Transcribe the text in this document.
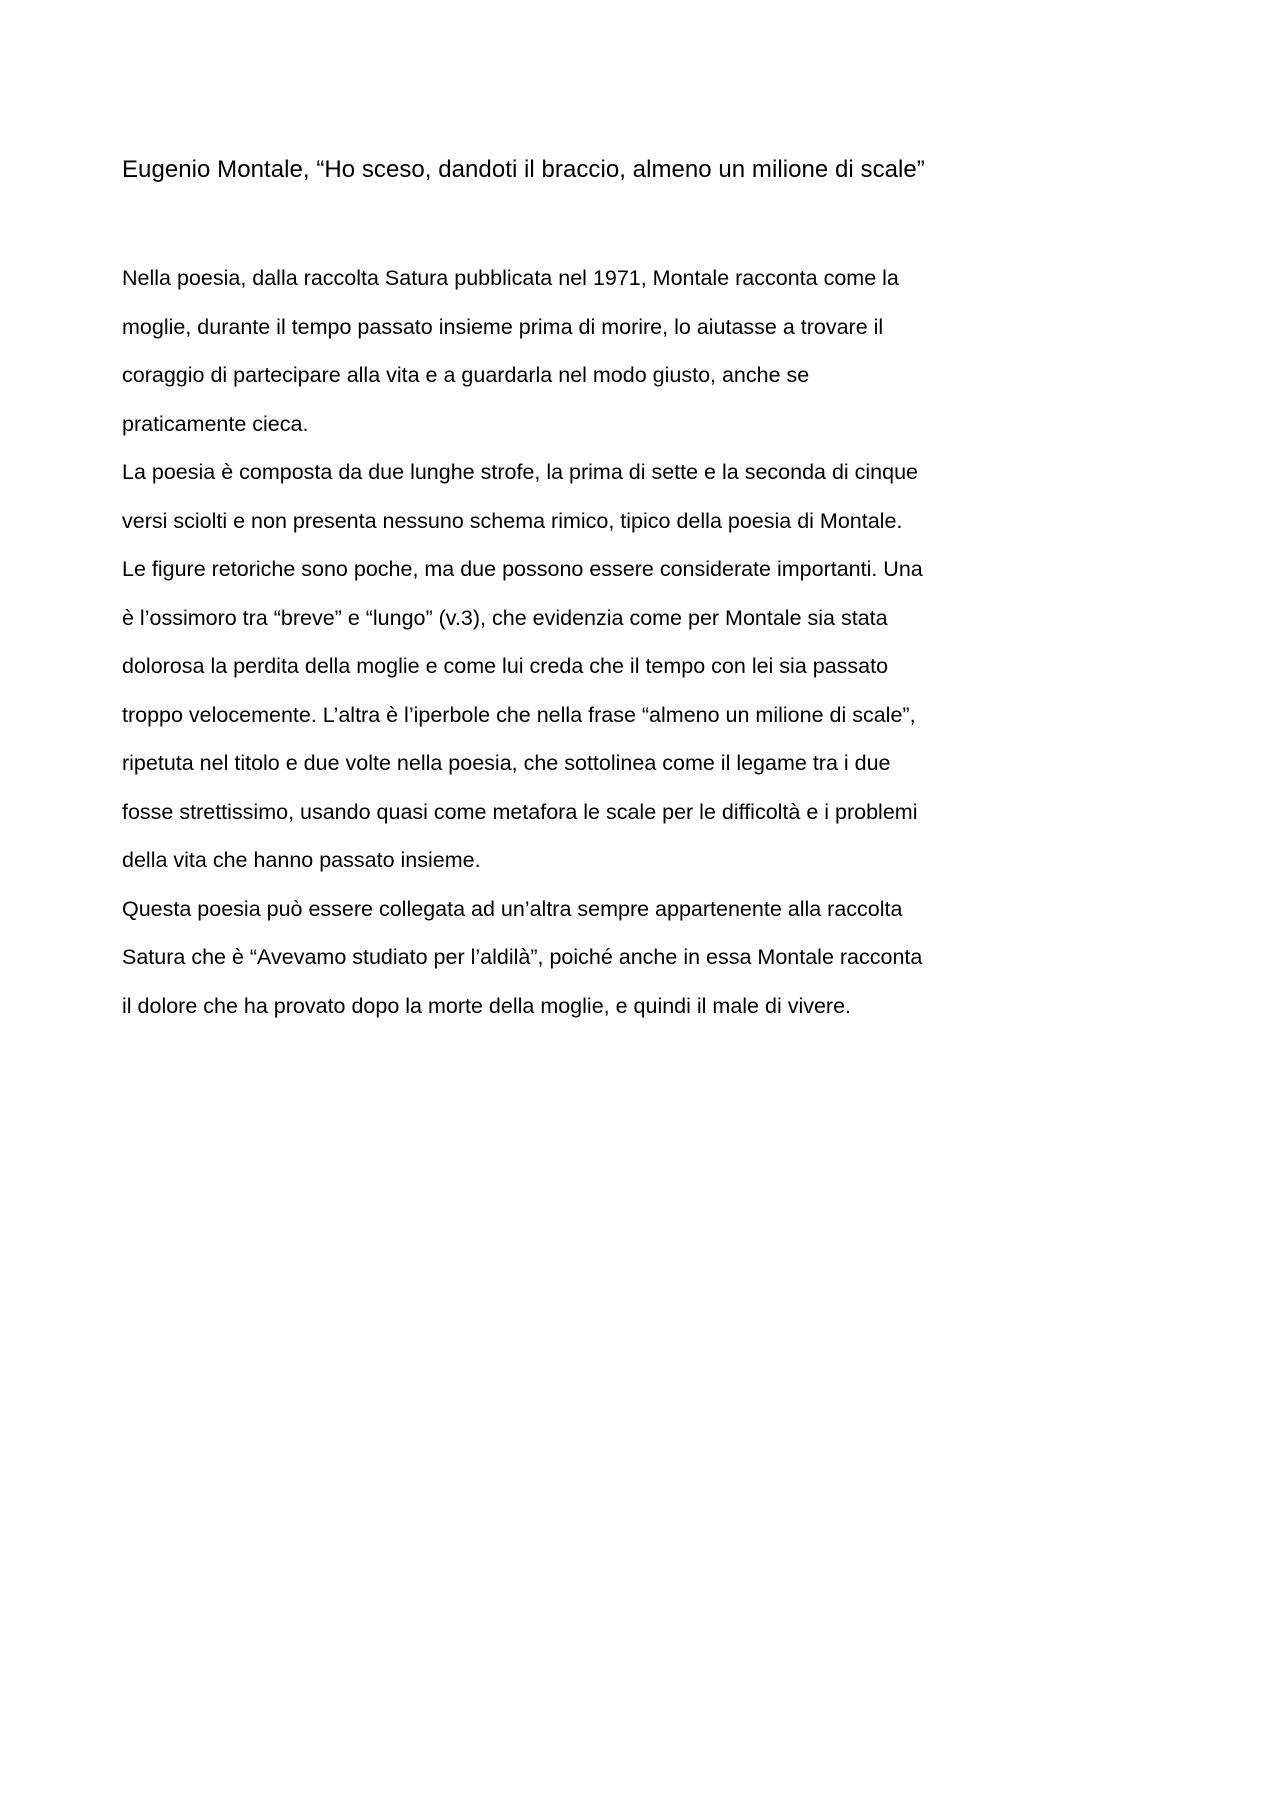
Eugenio Montale, “Ho sceso, dandoti il braccio, almeno un milione di scale”
Nella poesia, dalla raccolta Satura pubblicata nel 1971, Montale racconta come la
moglie, durante il tempo passato insieme prima di morire, lo aiutasse a trovare il
coraggio di partecipare alla vita e a guardarla nel modo giusto, anche se
praticamente cieca.
La poesia è composta da due lunghe strofe, la prima di sette e la seconda di cinque
versi sciolti e non presenta nessuno schema rimico, tipico della poesia di Montale.
Le figure retoriche sono poche, ma due possono essere considerate importanti. Una
è l’ossimoro tra “breve” e “lungo” (v.3), che evidenzia come per Montale sia stata
dolorosa la perdita della moglie e come lui creda che il tempo con lei sia passato
troppo velocemente. L’altra è l’iperbole che nella frase “almeno un milione di scale”,
ripetuta nel titolo e due volte nella poesia, che sottolinea come il legame tra i due
fosse strettissimo, usando quasi come metafora le scale per le difficoltà e i problemi
della vita che hanno passato insieme.
Questa poesia può essere collegata ad un’altra sempre appartenente alla raccolta
Satura che è “Avevamo studiato per l’aldilà”, poiché anche in essa Montale racconta
il dolore che ha provato dopo la morte della moglie, e quindi il male di vivere.
